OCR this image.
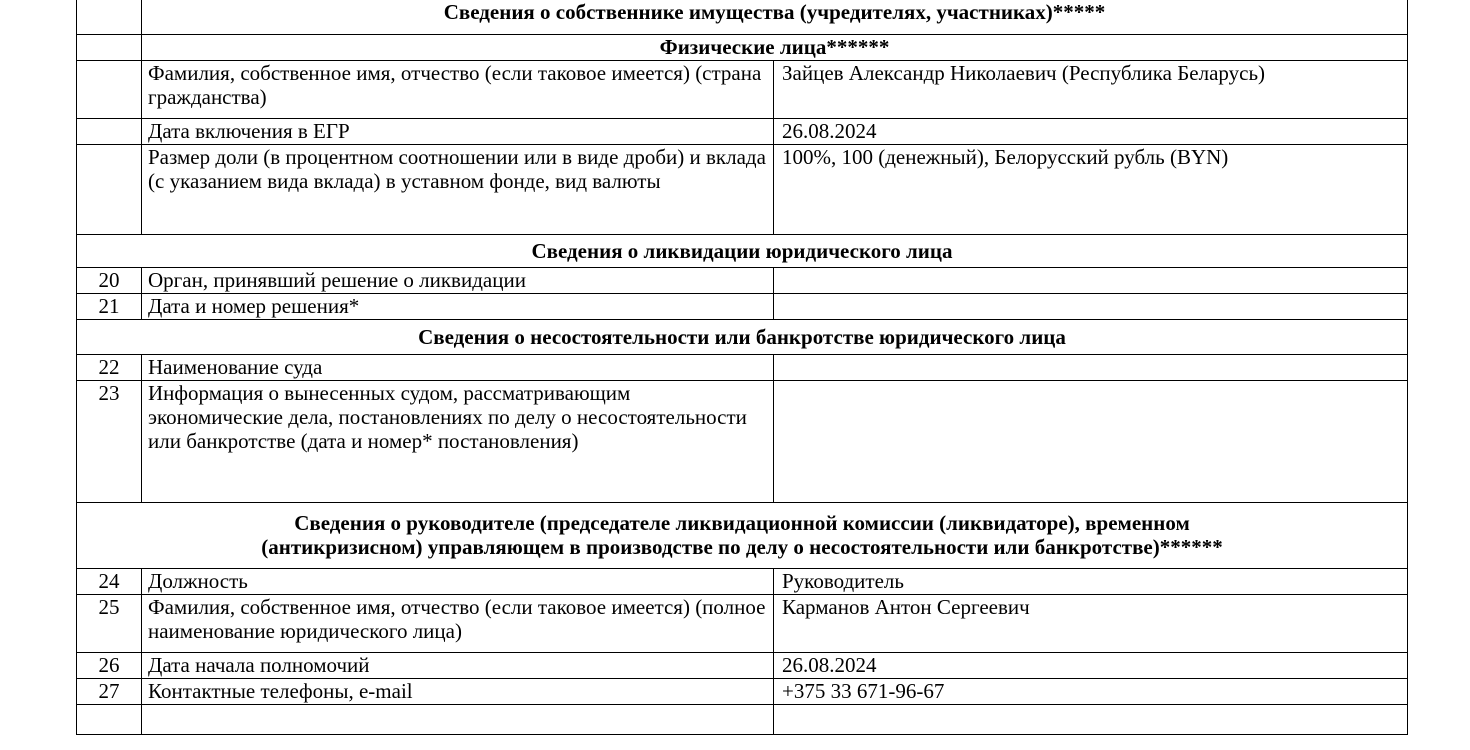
	Сведения о собственнике имущества (учредителях, участниках)*****	
	Физические лица******	
	Фамилия, собственное имя, отчество (если таковое имеется) (страна гражданства)	Зайцев Александр Николаевич (Республика Беларусь)
	Дата включения в ЕГР	26.08.2024
	Размер доли (в процентном соотношении или в виде дроби) и вклада (с указанием вида вклада) в уставном фонде, вид валюты	100%, 100 (денежный), Белорусский рубль (BYN)
Сведения о ликвидации юридического лица		
20	Орган, принявший решение о ликвидации	
21	Дата и номер решения*	
Сведения о несостоятельности или банкротстве юридического лица		
22	Наименование суда	
23	Информация о вынесенных судом, рассматривающим экономические дела, постановлениях по делу о несостоятельности или банкротстве (дата и номер* постановления)	

Сведения о руководителе (председателе ликвидационной комиссии (ликвидаторе), временном
(антикризисном) управляющем в производстве по делу о несостоятельности или банкротстве)******		

24	Должность	Руководитель
25	Фамилия, собственное имя, отчество (если таковое имеется) (полное наименование юридического лица)	Карманов Антон Сергеевич
26	Дата начала полномочий	26.08.2024
27	Контактные телефоны, e-mail	+375 33 671-96-67
